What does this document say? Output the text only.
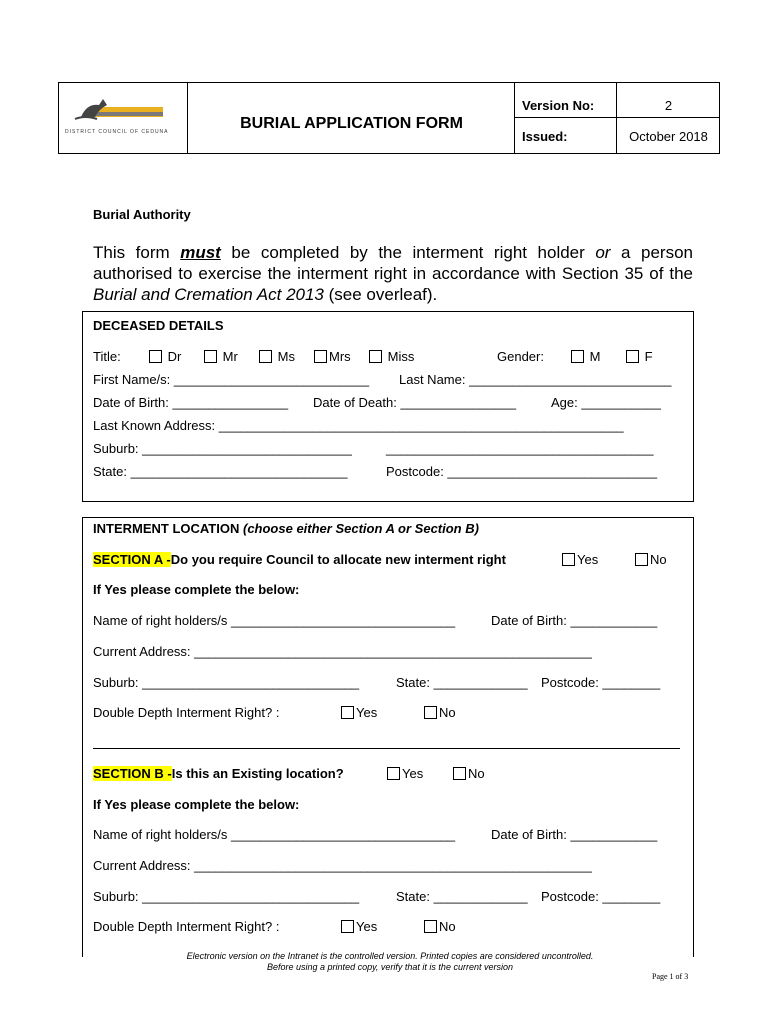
DISTRICT COUNCIL OF CEDUNA	BURIAL APPLICATION FORM
Version No:	2
Issued:	October 2018
Burial Authority
This form must be completed by the interment right holder or a person authorised to exercise the interment right in accordance with Section 35 of the Burial and Cremation Act 2013 (see overleaf).
DECEASED DETAILS
Title:	Dr	Mr	Ms	Mrs	Miss	Gender:	M	F
First Name/s: ___________________________ Last Name: ____________________________
Date of Birth: ________________ Date of Death: ________________	Age: ___________
Last Known Address: ________________________________________________________
Suburb: _____________________________	_____________________________________
State: ______________________________	Postcode: _____________________________
INTERMENT LOCATION (choose either Section A or Section B)
SECTION A -Do you require Council to allocate new interment right	Yes	No
If Yes please complete the below:
Name of right holders/s _______________________________	Date of Birth: ____________
Current Address: _______________________________________________________
Suburb: ______________________________	State: _____________ Postcode: ________
Double Depth Interment Right? :	Yes	No
SECTION B -Is this an Existing location?	Yes	No
If Yes please complete the below:
Name of right holders/s _______________________________	Date of Birth: ____________
Current Address: _______________________________________________________
Suburb: ______________________________	State: _____________ Postcode: ________
Double Depth Interment Right? :	Yes	No
Electronic version on the Intranet is the controlled version. Printed copies are considered uncontrolled.
Before using a printed copy, verify that it is the current version
Page 1 of 3
